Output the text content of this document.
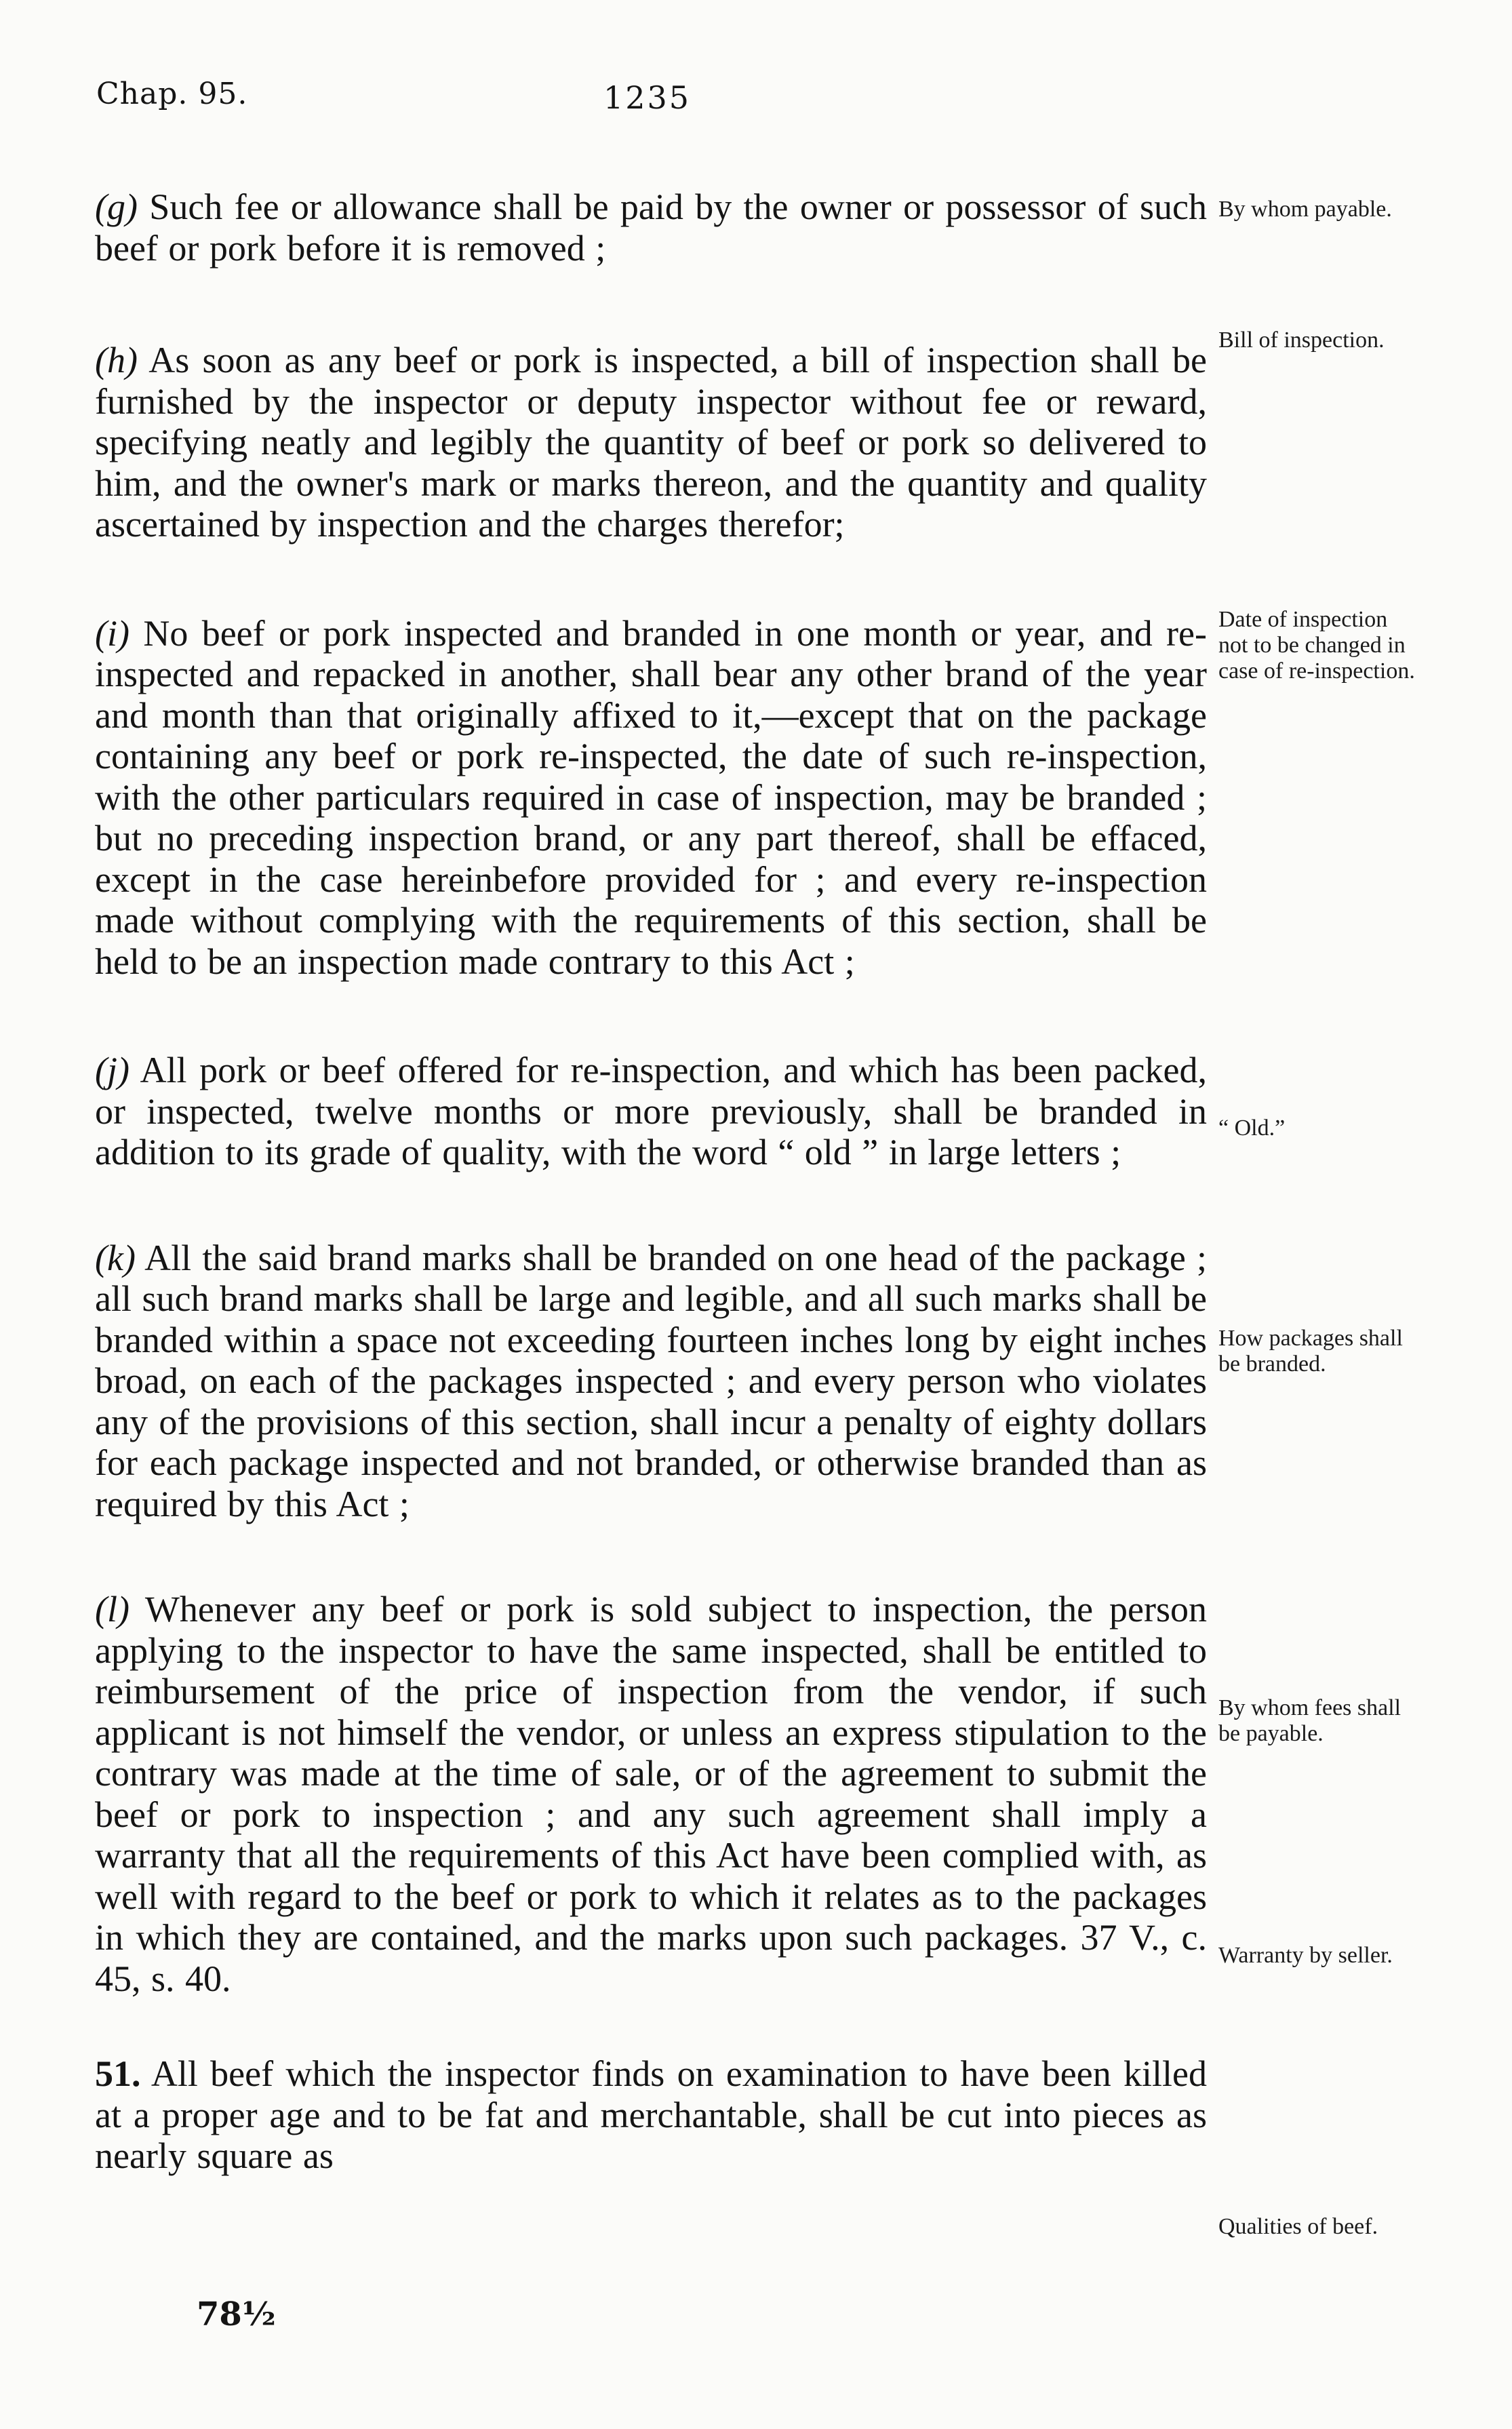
Chap. 95.	1235

(g) Such fee or allowance shall be paid by the owner or possessor of such beef or pork before it is removed ;

(h) As soon as any beef or pork is inspected, a bill of inspection shall be furnished by the inspector or deputy inspector without fee or reward, specifying neatly and legibly the quantity of beef or pork so delivered to him, and the owner's mark or marks thereon, and the quantity and quality ascertained by inspection and the charges therefor;

(i) No beef or pork inspected and branded in one month or year, and re-inspected and repacked in another, shall bear any other brand of the year and month than that originally affixed to it,—except that on the package containing any beef or pork re-inspected, the date of such re-inspection, with the other particulars required in case of inspection, may be branded ; but no preceding inspection brand, or any part thereof, shall be effaced, except in the case hereinbefore provided for ; and every re-inspection made without complying with the requirements of this section, shall be held to be an inspection made contrary to this Act ;

(j) All pork or beef offered for re-inspection, and which has been packed, or inspected, twelve months or more previously, shall be branded in addition to its grade of quality, with the word “ old ” in large letters ;

(k) All the said brand marks shall be branded on one head of the package ; all such brand marks shall be large and legible, and all such marks shall be branded within a space not exceeding fourteen inches long by eight inches broad, on each of the packages inspected ; and every person who violates any of the provisions of this section, shall incur a penalty of eighty dollars for each package inspected and not branded, or otherwise branded than as required by this Act ;

(l) Whenever any beef or pork is sold subject to inspection, the person applying to the inspector to have the same inspected, shall be entitled to reimbursement of the price of inspection from the vendor, if such applicant is not himself the vendor, or unless an express stipulation to the contrary was made at the time of sale, or of the agreement to submit the beef or pork to inspection ; and any such agreement shall imply a warranty that all the requirements of this Act have been complied with, as well with regard to the beef or pork to which it relates as to the packages in which they are contained, and the marks upon such packages. 37 V., c. 45, s. 40.

51. All beef which the inspector finds on examination to have been killed at a proper age and to be fat and merchantable, shall be cut into pieces as nearly square as

By whom payable.
Bill of inspection.
Date of inspection not to be changed in case of re-inspection.
“ Old.”
How packages shall be branded.
By whom fees shall be payable.
Warranty by seller.
Qualities of beef.
78½
